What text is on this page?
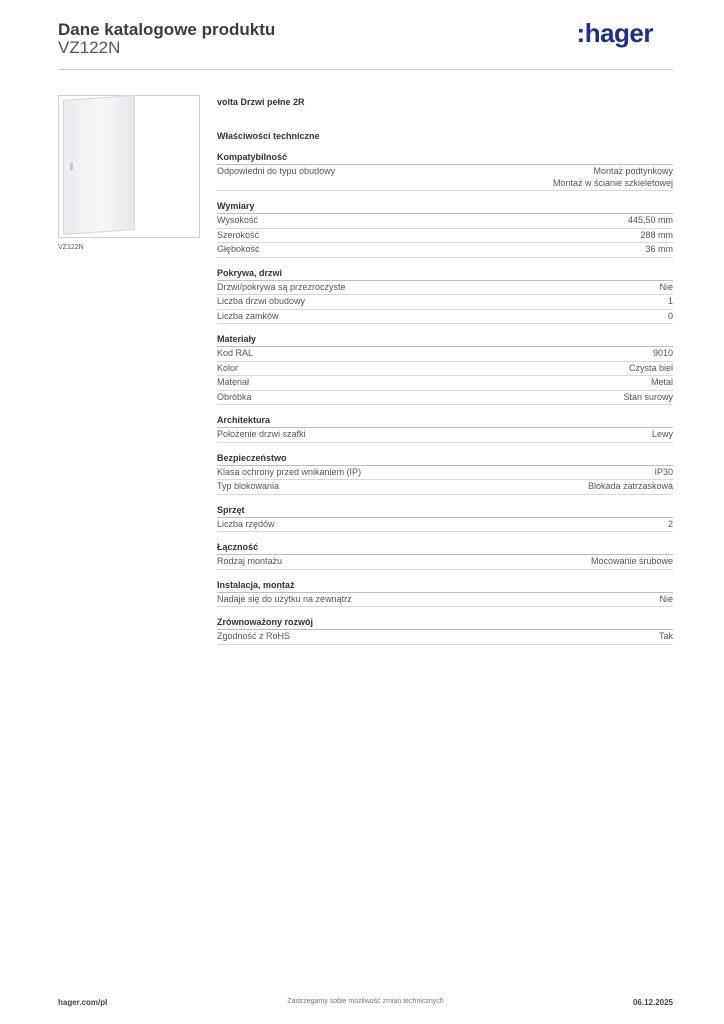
Dane katalogowe produktu
VZ122N	:hager
VZ122N
volta Drzwi pełne 2R
Właściwości techniczne
Kompatybilność
Odpowiedni do typu obudowy	Montaż podtynkowy
Montaż w ścianie szkieletowej
Wymiary
Wysokość	445,50 mm
Szerokość	288 mm
Głębokość	36 mm
Pokrywa, drzwi
Drzwi/pokrywa są przezroczyste	Nie
Liczba drzwi obudowy	1
Liczba zamków	0
Materiały
Kod RAL	9010
Kolor	Czysta biel
Materiał	Metal
Obróbka	Stan surowy
Architektura
Położenie drzwi szafki	Lewy
Bezpieczeństwo
Klasa ochrony przed wnikaniem (IP)	IP30
Typ blokowania	Blokada zatrzaskowa
Sprzęt
Liczba rzędów	2
Łączność
Rodzaj montażu	Mocowanie śrubowe
Instalacja, montaż
Nadaje się do użytku na zewnątrz	Nie
Zrównoważony rozwój
Zgodność z RoHS	Tak
hager.com/pl	Zastrzegamy sobie możliwość zmian technicznych	06.12.2025
